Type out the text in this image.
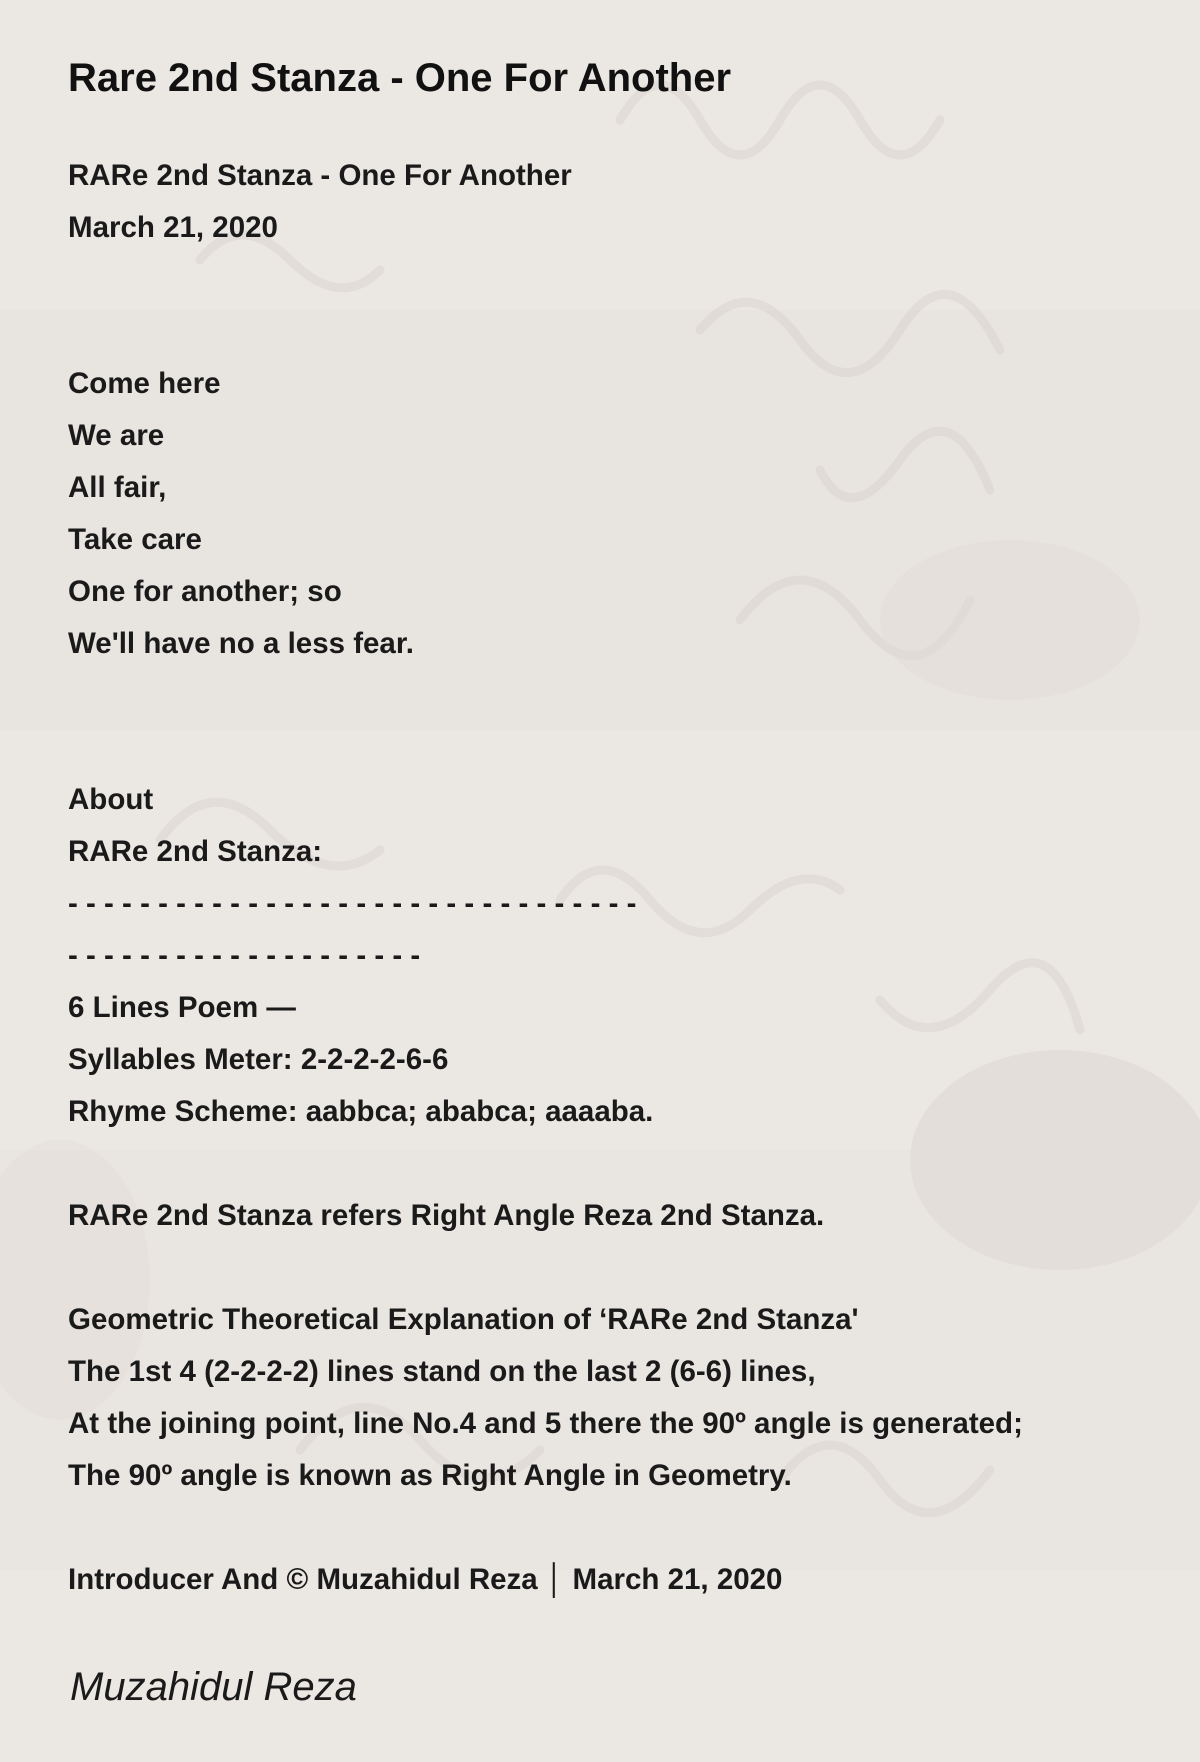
Rare 2nd Stanza - One For Another
RARe 2nd Stanza - One For Another
March 21, 2020
Come here
We are
All fair,
Take care
One for another; so
We'll have no a less fear.
About
RARe 2nd Stanza:
- - - - - - - - - - - - - - - - - - - - - - - - - - - - - - - -
- - - - - - - - - - - - - - - - - - - -
6 Lines Poem —
Syllables Meter: 2-2-2-2-6-6
Rhyme Scheme: aabbca; ababca; aaaaba.
RARe 2nd Stanza refers Right Angle Reza 2nd Stanza.
Geometric Theoretical Explanation of ‘RARe 2nd Stanza'
The 1st 4 (2-2-2-2) lines stand on the last 2 (6-6) lines,
At the joining point, line No.4 and 5 there the 90º angle is generated;
The 90º angle is known as Right Angle in Geometry.
Introducer And © Muzahidul Reza │ March 21, 2020
Muzahidul Reza
